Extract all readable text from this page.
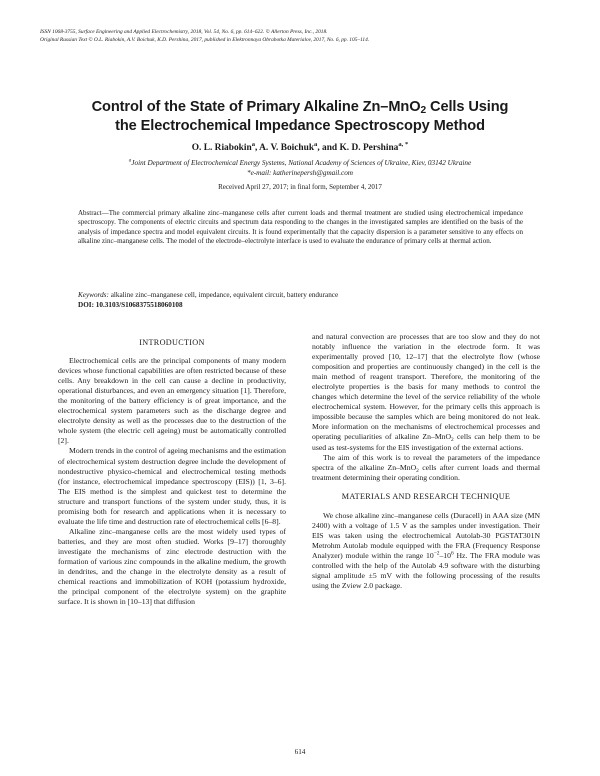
ISSN 1068-3755, Surface Engineering and Applied Electrochemistry, 2018, Vol. 54, No. 6, pp. 614–622. © Allerton Press, Inc., 2018.
Original Russian Text © O.L. Riabokin, A.V. Boichuk, K.D. Pershina, 2017, published in Elektronnaya Obrabotka Materialov, 2017, No. 6, pp. 105–114.
Control of the State of Primary Alkaline Zn–MnO$_2$ Cells Using
the Electrochemical Impedance Spectroscopy Method
O. L. Riabokin$^a$, A. V. Boichuk$^a$, and K. D. Pershina$^{a, *}$
$^a$Joint Department of Electrochemical Energy Systems, National Academy of Sciences of Ukraine, Kiev, 03142 Ukraine
*e-mail: katherinepersh@gmail.com
Received April 27, 2017; in final form, September 4, 2017
Abstract—The commercial primary alkaline zinc–manganese cells after current loads and thermal treatment are studied using electrochemical impedance spectroscopy. The components of electric circuits and spectrum data responding to the changes in the investigated samples are identified on the basis of the analysis of impedance spectra and model equivalent circuits. It is found experimentally that the capacity dispersion is a parameter sensitive to any effects on alkaline zinc–manganese cells. The model of the electrode–electrolyte interface is used to evaluate the endurance of primary cells at thermal action.
Keywords: alkaline zinc–manganese cell, impedance, equivalent circuit, battery endurance
DOI: 10.3103/S1068375518060108
INTRODUCTION

Electrochemical cells are the principal components of many modern devices whose functional capabilities are often restricted because of these cells. Any breakdown in the cell can cause a decline in productivity, operational disturbances, and even an emergency situation [1]. Therefore, the monitoring of the battery efficiency is of great importance, and the electrochemical system parameters such as the discharge degree and electrolyte density as well as the processes due to the destruction of the whole system (the electric cell ageing) must be automatically controlled [2].

Modern trends in the control of ageing mechanisms and the estimation of electrochemical system destruction degree include the development of nondestructive physico-chemical and electrochemical testing methods (for instance, electrochemical impedance spectroscopy (EIS)) [1, 3–6]. The EIS method is the simplest and quickest test to determine the structure and transport functions of the system under study, thus, it is promising both for research and applications when it is necessary to evaluate the life time and destruction rate of electrochemical cells [6–8].

Alkaline zinc–manganese cells are the most widely used types of batteries, and they are most often studied. Works [9–17] thoroughly investigate the mechanisms of zinc electrode destruction with the formation of various zinc compounds in the alkaline medium, the growth in dendrites, and the change in the electrolyte density as a result of chemical reactions and immobilization of KOH (potassium hydroxide, the principal component of the electrolyte system) on the graphite surface. It is shown in [10–13] that diffusion

and natural convection are processes that are too slow and they do not notably influence the variation in the electrode form. It was experimentally proved [10, 12–17] that the electrolyte flow (whose composition and properties are continuously changed) in the cell is the main method of reagent transport. Therefore, the monitoring of the electrolyte properties is the basis for many methods to control the changes which determine the level of the service reliability of the whole electrochemical system. However, for the primary cells this approach is impossible because the samples which are being monitored do not leak. More information on the mechanisms of electrochemical processes and operating peculiarities of alkaline Zn–MnO$_2$ cells can help them to be used as test-systems for the EIS investigation of the external actions.

The aim of this work is to reveal the parameters of the impedance spectra of the alkaline Zn–MnO$_2$ cells after current loads and thermal treatment determining their operating condition.

MATERIALS AND RESEARCH TECHNIQUE

We chose alkaline zinc–manganese cells (Duracell) in AAA size (MN 2400) with a voltage of 1.5 V as the samples under investigation. Their EIS was taken using the electrochemical Autolab-30 PGSTAT301N Metrohm Autolab module equipped with the FRA (Frequency Response Analyzer) module within the range $10^{-2}-10^6$ Hz. The FRA module was controlled with the help of the Autolab 4.9 software with the disturbing signal amplitude ±5 mV with the following processing of the results using the Zview 2.0 package.

614
